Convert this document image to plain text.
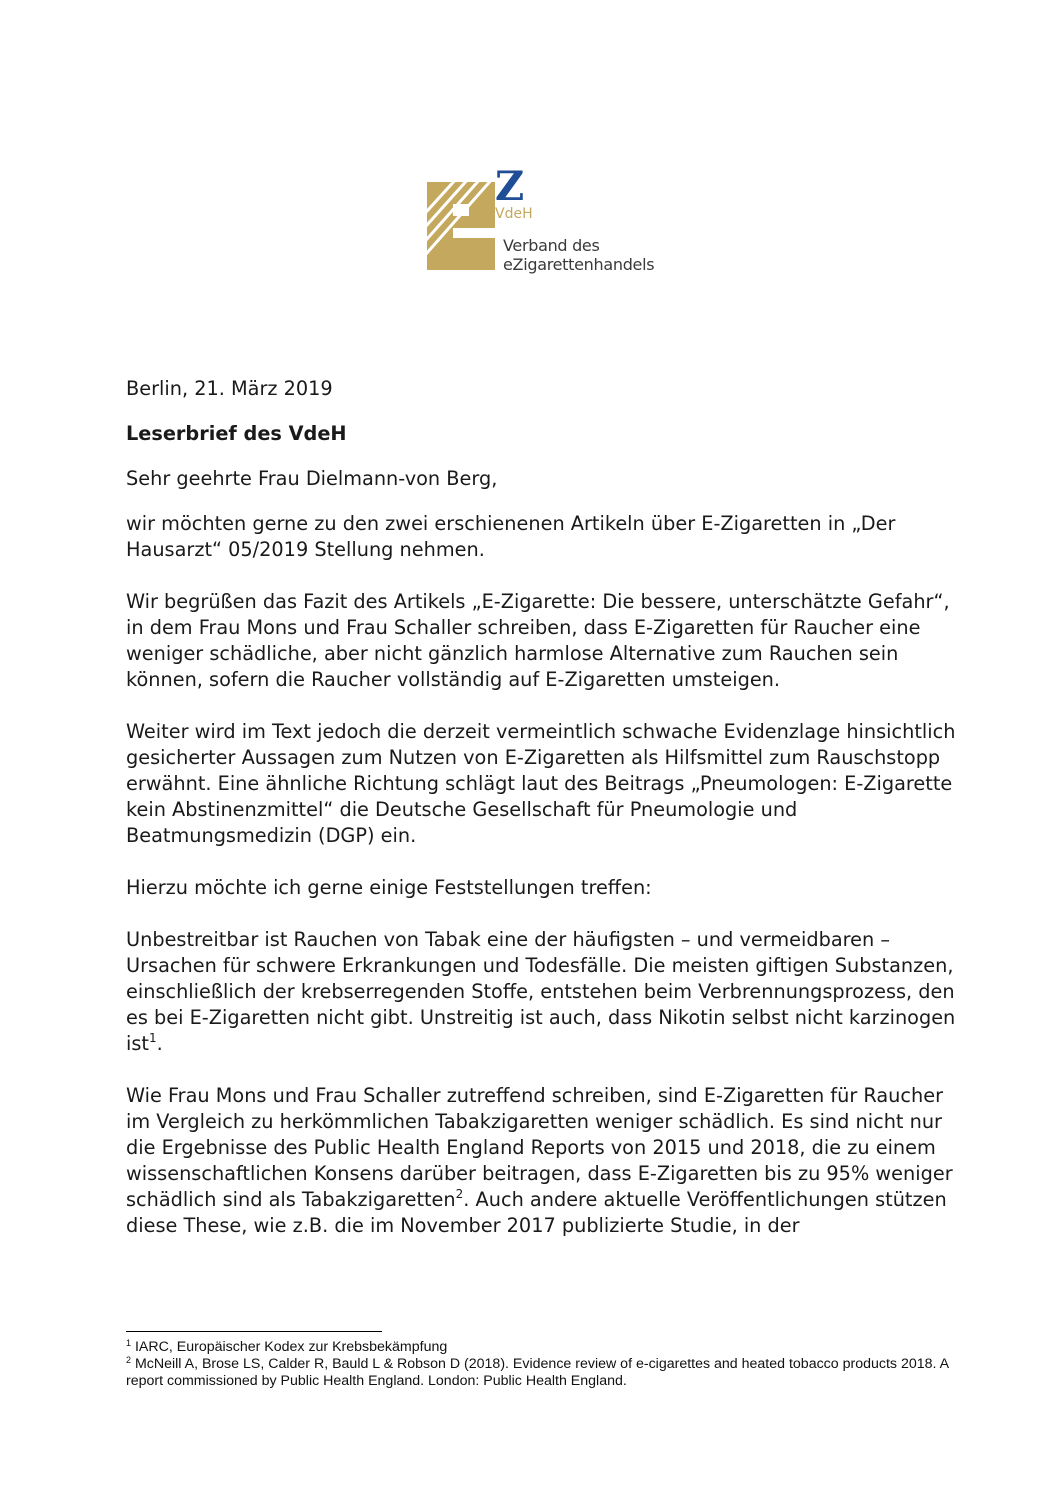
Z
VdeH
Verband des
eZigarettenhandels

Berlin, 21. März 2019

Leserbrief des VdeH

Sehr geehrte Frau Dielmann-von Berg,

wir möchten gerne zu den zwei erschienenen Artikeln über E-Zigaretten in „Der Hausarzt“ 05/2019 Stellung nehmen.

Wir begrüßen das Fazit des Artikels „E-Zigarette: Die bessere, unterschätzte Gefahr“, in dem Frau Mons und Frau Schaller schreiben, dass E-Zigaretten für Raucher eine weniger schädliche, aber nicht gänzlich harmlose Alternative zum Rauchen sein können, sofern die Raucher vollständig auf E-Zigaretten umsteigen.

Weiter wird im Text jedoch die derzeit vermeintlich schwache Evidenzlage hinsichtlich gesicherter Aussagen zum Nutzen von E-Zigaretten als Hilfsmittel zum Rauschstopp erwähnt. Eine ähnliche Richtung schlägt laut des Beitrags „Pneumologen: E-Zigarette kein Abstinenzmittel“ die Deutsche Gesellschaft für Pneumologie und Beatmungsmedizin (DGP) ein.

Hierzu möchte ich gerne einige Feststellungen treffen:

Unbestreitbar ist Rauchen von Tabak eine der häufigsten – und vermeidbaren – Ursachen für schwere Erkrankungen und Todesfälle. Die meisten giftigen Substanzen, einschließlich der krebserregenden Stoffe, entstehen beim Verbrennungsprozess, den es bei E-Zigaretten nicht gibt. Unstreitig ist auch, dass Nikotin selbst nicht karzinogen ist$^1$.

Wie Frau Mons und Frau Schaller zutreffend schreiben, sind E-Zigaretten für Raucher im Vergleich zu herkömmlichen Tabakzigaretten weniger schädlich. Es sind nicht nur die Ergebnisse des Public Health England Reports von 2015 und 2018, die zu einem wissenschaftlichen Konsens darüber beitragen, dass E-Zigaretten bis zu 95% weniger schädlich sind als Tabakzigaretten$^2$. Auch andere aktuelle Veröffentlichungen stützen diese These, wie z.B. die im November 2017 publizierte Studie, in der

$^1$ IARC, Europäischer Kodex zur Krebsbekämpfung

$^2$ McNeill A, Brose LS, Calder R, Bauld L & Robson D (2018). Evidence review of e-cigarettes and heated tobacco products 2018. A report commissioned by Public Health England. London: Public Health England.
